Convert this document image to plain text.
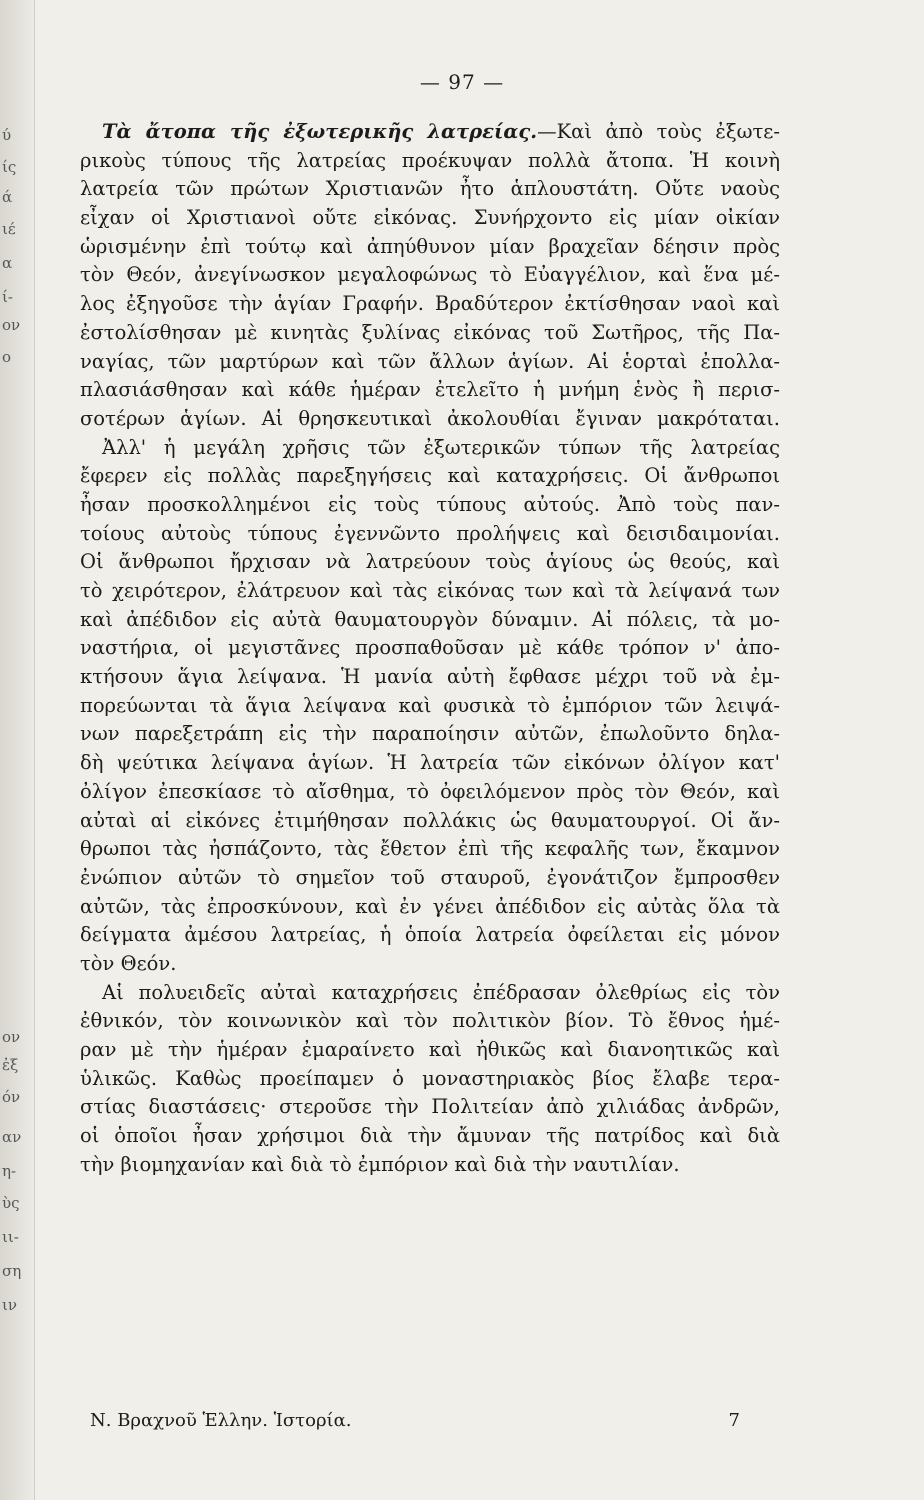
ύ
ίς
ά
ιέ
α
ί-
ον
ο
ον
ἐξ
όν
αν
η-
ὺς
ιι-
ση
ιν
— 97 —
Τὰ ἄτοπα τῆς ἐξωτερικῆς λατρείας.—Καὶ ἀπὸ τοὺς ἐξωτε-
ρικοὺς τύπους τῆς λατρείας προέκυψαν πολλὰ ἄτοπα. Ἡ κοινὴ
λατρεία τῶν πρώτων Χριστιανῶν ἦτο ἁπλουστάτη. Οὔτε ναοὺς
εἶχαν οἱ Χριστιανοὶ οὔτε εἰκόνας. Συνήρχοντο εἰς μίαν οἰκίαν
ὡρισμένην ἐπὶ τούτῳ καὶ ἀπηύθυνον μίαν βραχεῖαν δέησιν πρὸς
τὸν Θεόν, ἀνεγίνωσκον μεγαλοφώνως τὸ Εὐαγγέλιον, καὶ ἕνα μέ-
λος ἐξηγοῦσε τὴν ἁγίαν Γραφήν. Βραδύτερον ἐκτίσθησαν ναοὶ καὶ
ἐστολίσθησαν μὲ κινητὰς ξυλίνας εἰκόνας τοῦ Σωτῆρος, τῆς Πα-
ναγίας, τῶν μαρτύρων καὶ τῶν ἄλλων ἁγίων. Αἱ ἑορταὶ ἐπολλα-
πλασιάσθησαν καὶ κάθε ἡμέραν ἐτελεῖτο ἡ μνήμη ἑνὸς ἢ περισ-
σοτέρων ἁγίων. Αἱ θρησκευτικαὶ ἀκολουθίαι ἔγιναν μακρόταται.
Ἀλλ' ἡ μεγάλη χρῆσις τῶν ἐξωτερικῶν τύπων τῆς λατρείας
ἔφερεν εἰς πολλὰς παρεξηγήσεις καὶ καταχρήσεις. Οἱ ἄνθρωποι
ἦσαν προσκολλημένοι εἰς τοὺς τύπους αὐτούς. Ἀπὸ τοὺς παν-
τοίους αὐτοὺς τύπους ἐγεννῶντο προλήψεις καὶ δεισιδαιμονίαι.
Οἱ ἄνθρωποι ἤρχισαν νὰ λατρεύουν τοὺς ἁγίους ὡς θεούς, καὶ
τὸ χειρότερον, ἐλάτρευον καὶ τὰς εἰκόνας των καὶ τὰ λείψανά των
καὶ ἀπέδιδον εἰς αὐτὰ θαυματουργὸν δύναμιν. Αἱ πόλεις, τὰ μο-
ναστήρια, οἱ μεγιστᾶνες προσπαθοῦσαν μὲ κάθε τρόπον ν' ἀπο-
κτήσουν ἅγια λείψανα. Ἡ μανία αὐτὴ ἔφθασε μέχρι τοῦ νὰ ἐμ-
πορεύωνται τὰ ἅγια λείψανα καὶ φυσικὰ τὸ ἐμπόριον τῶν λειψά-
νων παρεξετράπη εἰς τὴν παραποίησιν αὐτῶν, ἐπωλοῦντο δηλα-
δὴ ψεύτικα λείψανα ἁγίων. Ἡ λατρεία τῶν εἰκόνων ὀλίγον κατ'
ὀλίγον ἐπεσκίασε τὸ αἴσθημα, τὸ ὀφειλόμενον πρὸς τὸν Θεόν, καὶ
αὐταὶ αἱ εἰκόνες ἐτιμήθησαν πολλάκις ὡς θαυματουργοί. Οἱ ἄν-
θρωποι τὰς ἠσπάζοντο, τὰς ἔθετον ἐπὶ τῆς κεφαλῆς των, ἔκαμνον
ἐνώπιον αὐτῶν τὸ σημεῖον τοῦ σταυροῦ, ἐγονάτιζον ἔμπροσθεν
αὐτῶν, τὰς ἐπροσκύνουν, καὶ ἐν γένει ἀπέδιδον εἰς αὐτὰς ὅλα τὰ
δείγματα ἀμέσου λατρείας, ἡ ὁποία λατρεία ὀφείλεται εἰς μόνον
τὸν Θεόν.
Αἱ πολυειδεῖς αὐταὶ καταχρήσεις ἐπέδρασαν ὀλεθρίως εἰς τὸν
ἐθνικόν, τὸν κοινωνικὸν καὶ τὸν πολιτικὸν βίον. Τὸ ἔθνος ἡμέ-
ραν μὲ τὴν ἡμέραν ἐμαραίνετο καὶ ἠθικῶς καὶ διανοητικῶς καὶ
ὑλικῶς. Καθὼς προείπαμεν ὁ μοναστηριακὸς βίος ἔλαβε τερα-
στίας διαστάσεις· στεροῦσε τὴν Πολιτείαν ἀπὸ χιλιάδας ἀνδρῶν,
οἱ ὁποῖοι ἦσαν χρήσιμοι διὰ τὴν ἄμυναν τῆς πατρίδος καὶ διὰ
τὴν βιομηχανίαν καὶ διὰ τὸ ἐμπόριον καὶ διὰ τὴν ναυτιλίαν.
Ν. Βραχνοῦ Ἑλλην. Ἱστορία.	7
